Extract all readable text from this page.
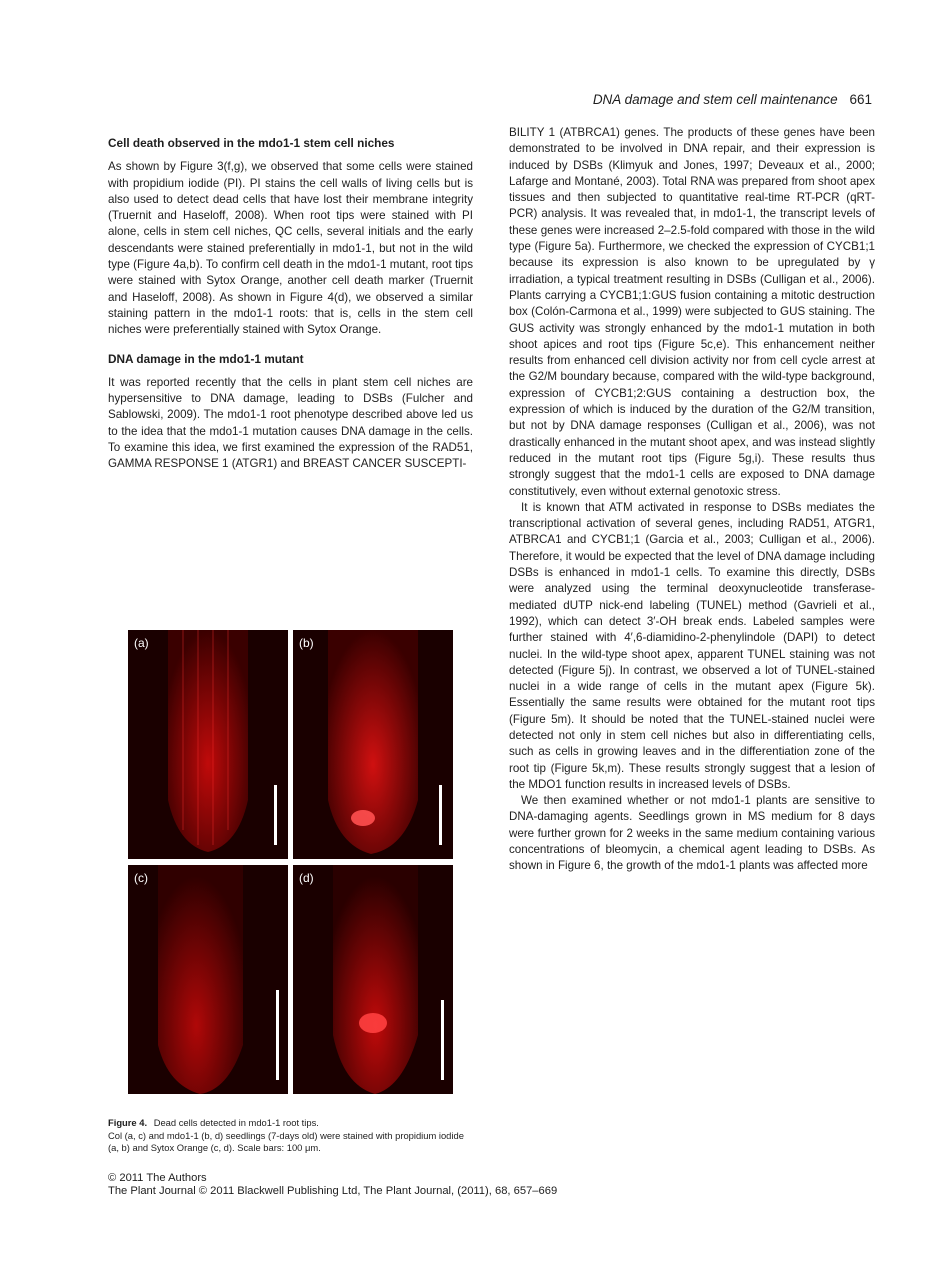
DNA damage and stem cell maintenance 661
Cell death observed in the mdo1-1 stem cell niches

As shown by Figure 3(f,g), we observed that some cells were stained with propidium iodide (PI). PI stains the cell walls of living cells but is also used to detect dead cells that have lost their membrane integrity (Truernit and Haseloff, 2008). When root tips were stained with PI alone, cells in stem cell niches, QC cells, several initials and the early descendants were stained preferentially in mdo1-1, but not in the wild type (Figure 4a,b). To confirm cell death in the mdo1-1 mutant, root tips were stained with Sytox Orange, another cell death marker (Truernit and Haseloff, 2008). As shown in Figure 4(d), we observed a similar staining pattern in the mdo1-1 roots: that is, cells in the stem cell niches were preferentially stained with Sytox Orange.

DNA damage in the mdo1-1 mutant

It was reported recently that the cells in plant stem cell niches are hypersensitive to DNA damage, leading to DSBs (Fulcher and Sablowski, 2009). The mdo1-1 root phenotype described above led us to the idea that the mdo1-1 mutation causes DNA damage in the cells. To examine this idea, we first examined the expression of the RAD51, GAMMA RESPONSE 1 (ATGR1) and BREAST CANCER SUSCEPTI-

(a)	(b)
(c)	(d)
Figure 4. Dead cells detected in mdo1-1 root tips.
Col (a, c) and mdo1-1 (b, d) seedlings (7-days old) were stained with propidium iodide (a, b) and Sytox Orange (c, d). Scale bars: 100 μm.

BILITY 1 (ATBRCA1) genes. The products of these genes have been demonstrated to be involved in DNA repair, and their expression is induced by DSBs (Klimyuk and Jones, 1997; Deveaux et al., 2000; Lafarge and Montané, 2003). Total RNA was prepared from shoot apex tissues and then subjected to quantitative real-time RT-PCR (qRT-PCR) analysis. It was revealed that, in mdo1-1, the transcript levels of these genes were increased 2–2.5-fold compared with those in the wild type (Figure 5a). Furthermore, we checked the expression of CYCB1;1 because its expression is also known to be upregulated by γ irradiation, a typical treatment resulting in DSBs (Culligan et al., 2006). Plants carrying a CYCB1;1:GUS fusion containing a mitotic destruction box (Colón-Carmona et al., 1999) were subjected to GUS staining. The GUS activity was strongly enhanced by the mdo1-1 mutation in both shoot apices and root tips (Figure 5c,e). This enhancement neither results from enhanced cell division activity nor from cell cycle arrest at the G2/M boundary because, compared with the wild-type background, expression of CYCB1;2:GUS containing a destruction box, the expression of which is induced by the duration of the G2/M transition, but not by DNA damage responses (Culligan et al., 2006), was not drastically enhanced in the mutant shoot apex, and was instead slightly reduced in the mutant root tips (Figure 5g,i). These results thus strongly suggest that the mdo1-1 cells are exposed to DNA damage constitutively, even without external genotoxic stress.

It is known that ATM activated in response to DSBs mediates the transcriptional activation of several genes, including RAD51, ATGR1, ATBRCA1 and CYCB1;1 (Garcia et al., 2003; Culligan et al., 2006). Therefore, it would be expected that the level of DNA damage including DSBs is enhanced in mdo1-1 cells. To examine this directly, DSBs were analyzed using the terminal deoxynucleotide transferase-mediated dUTP nick-end labeling (TUNEL) method (Gavrieli et al., 1992), which can detect 3′-OH break ends. Labeled samples were further stained with 4′,6-diamidino-2-phenylindole (DAPI) to detect nuclei. In the wild-type shoot apex, apparent TUNEL staining was not detected (Figure 5j). In contrast, we observed a lot of TUNEL-stained nuclei in a wide range of cells in the mutant apex (Figure 5k). Essentially the same results were obtained for the mutant root tips (Figure 5m). It should be noted that the TUNEL-stained nuclei were detected not only in stem cell niches but also in differentiating cells, such as cells in growing leaves and in the differentiation zone of the root tip (Figure 5k,m). These results strongly suggest that a lesion of the MDO1 function results in increased levels of DSBs.

We then examined whether or not mdo1-1 plants are sensitive to DNA-damaging agents. Seedlings grown in MS medium for 8 days were further grown for 2 weeks in the same medium containing various concentrations of bleomycin, a chemical agent leading to DSBs. As shown in Figure 6, the growth of the mdo1-1 plants was affected more

© 2011 The Authors
The Plant Journal © 2011 Blackwell Publishing Ltd, The Plant Journal, (2011), 68, 657–669
